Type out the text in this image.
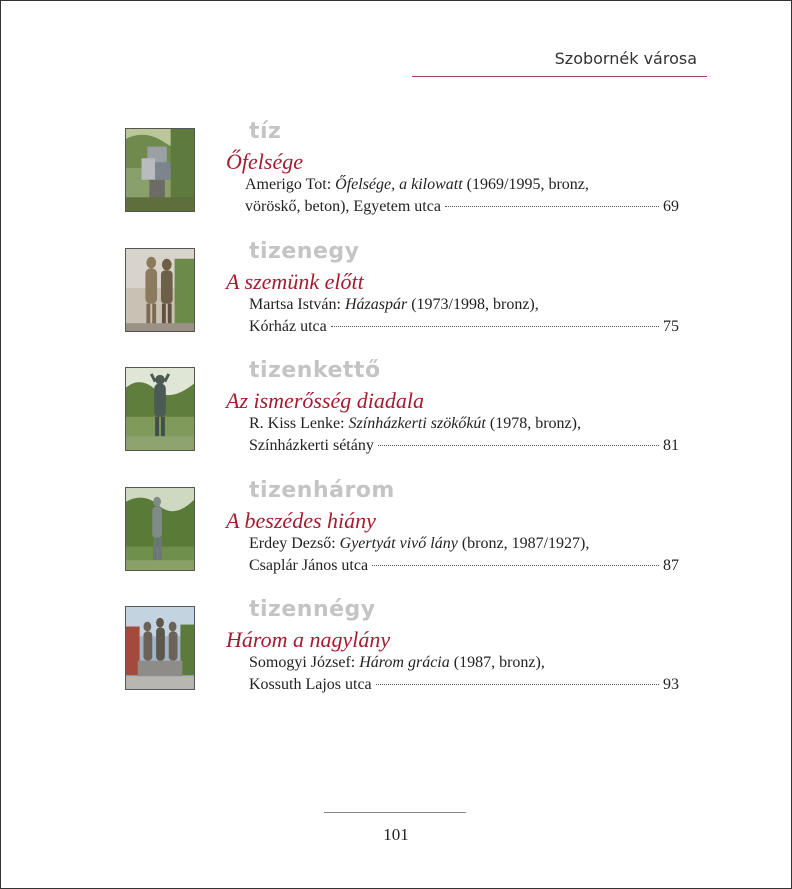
Szobornék városa
tíz
Őfelsége
Amerigo Tot: Őfelsége, a kilowatt (1969/1995, bronz,
vöröskő, beton), Egyetem utca	69
tizenegy
A szemünk előtt
Martsa István: Házaspár (1973/1998, bronz),
Kórház utca	75
tizenkettő
Az ismerősség diadala
R. Kiss Lenke: Színházkerti szökőkút (1978, bronz),
Színházkerti sétány	81
tizenhárom
A beszédes hiány
Erdey Dezső: Gyertyát vivő lány (bronz, 1987/1927),
Csaplár János utca	87
tizennégy
Három a nagylány
Somogyi József: Három grácia (1987, bronz),
Kossuth Lajos utca	93
101
